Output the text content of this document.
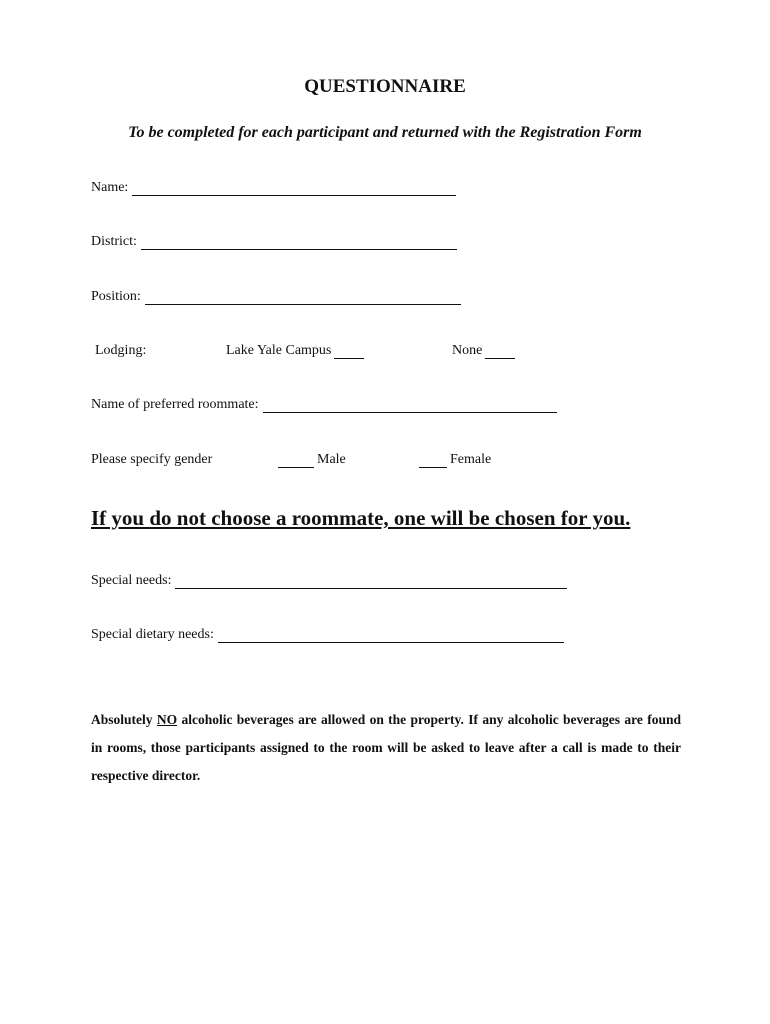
QUESTIONNAIRE
To be completed for each participant and returned with the Registration Form
Name:
District:
Position:
Lodging:	Lake Yale Campus	None
Name of preferred roommate:
Please specify gender	Male	Female
If you do not choose a roommate, one will be chosen for you.
Special needs:
Special dietary needs:
Absolutely NO alcoholic beverages are allowed on the property. If any alcoholic beverages are found in rooms, those participants assigned to the room will be asked to leave after a call is made to their respective director.
